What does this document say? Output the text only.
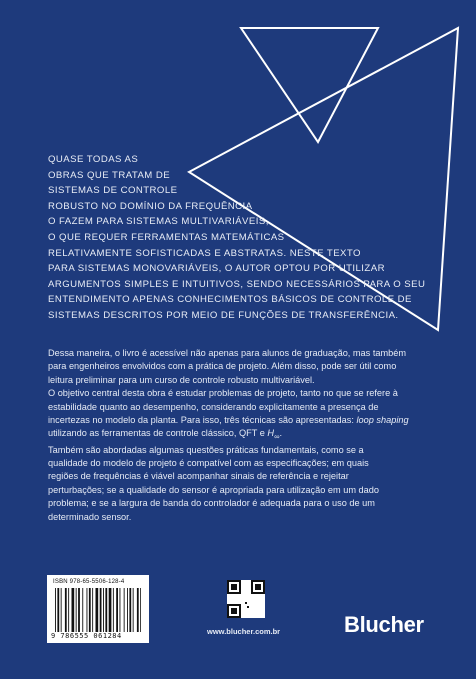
QUASE TODAS AS
OBRAS QUE TRATAM DE
SISTEMAS DE CONTROLE
ROBUSTO NO DOMÍNIO DA FREQUÊNCIA
O FAZEM PARA SISTEMAS MULTIVARIÁVEIS,
O QUE REQUER FERRAMENTAS MATEMÁTICAS
RELATIVAMENTE SOFISTICADAS E ABSTRATAS. NESTE TEXTO
PARA SISTEMAS MONOVARIÁVEIS, O AUTOR OPTOU POR UTILIZAR
ARGUMENTOS SIMPLES E INTUITIVOS, SENDO NECESSÁRIOS PARA O SEU
ENTENDIMENTO APENAS CONHECIMENTOS BÁSICOS DE CONTROLE DE
SISTEMAS DESCRITOS POR MEIO DE FUNÇÕES DE TRANSFERÊNCIA.

Dessa maneira, o livro é acessível não apenas para alunos de graduação, mas também

para engenheiros envolvidos com a prática de projeto. Além disso, pode ser útil como

leitura preliminar para um curso de controle robusto multivariável.

O objetivo central desta obra é estudar problemas de projeto, tanto no que se refere à

estabilidade quanto ao desempenho, considerando explicitamente a presença de

incertezas no modelo da planta. Para isso, três técnicas são apresentadas: loop shaping

utilizando as ferramentas de controle clássico, QFT e $H_\infty$.

Também são abordadas algumas questões práticas fundamentais, como se a

qualidade do modelo de projeto é compatível com as especificações; em quais

regiões de frequências é viável acompanhar sinais de referência e rejeitar

perturbações; se a qualidade do sensor é apropriada para utilização em um dado

problema; e se a largura de banda do controlador é adequada para o uso de um

determinado sensor.

ISBN 978-65-5506-128-4
9 786555 061284	www.blucher.com.br	Blucher
